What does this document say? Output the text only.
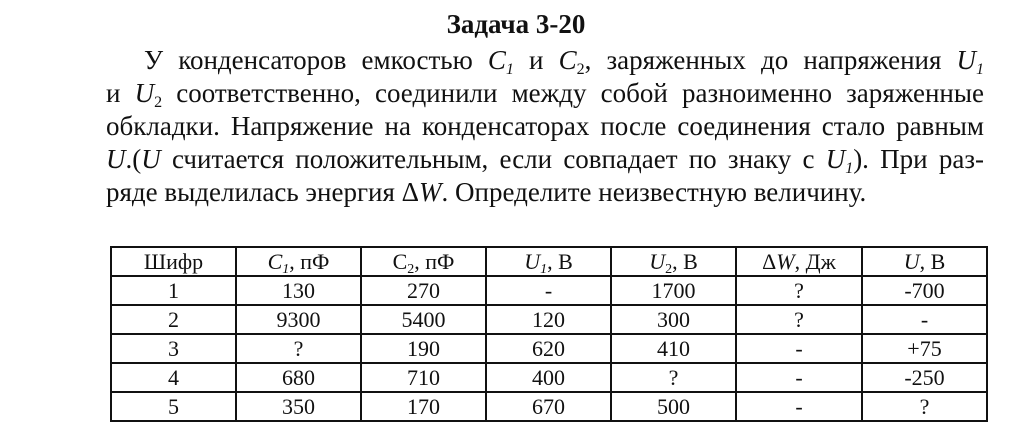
Задача 3-20
У конденсаторов емкостью $C_1$ и $C_2$, заряженных до напряжения $U_1$
и $U_2$ соответственно, соединили между собой разноименно заряженные
обкладки. Напряжение на конденсаторах после соединения стало равным
U.(U считается положительным, если совпадает по знаку с $U_1$). При раз-
ряде выделилась энергия ΔW. Определите неизвестную величину.
Шифр	$C_1$, пФ	$C_2$, пФ	$U_1$, В	$U_2$, В	ΔW, Дж	U, В
1	130	270	-	1700	?	-700
2	9300	5400	120	300	?	-
3	?	190	620	410	-	+75
4	680	710	400	?	-	-250
5	350	170	670	500	-	?
